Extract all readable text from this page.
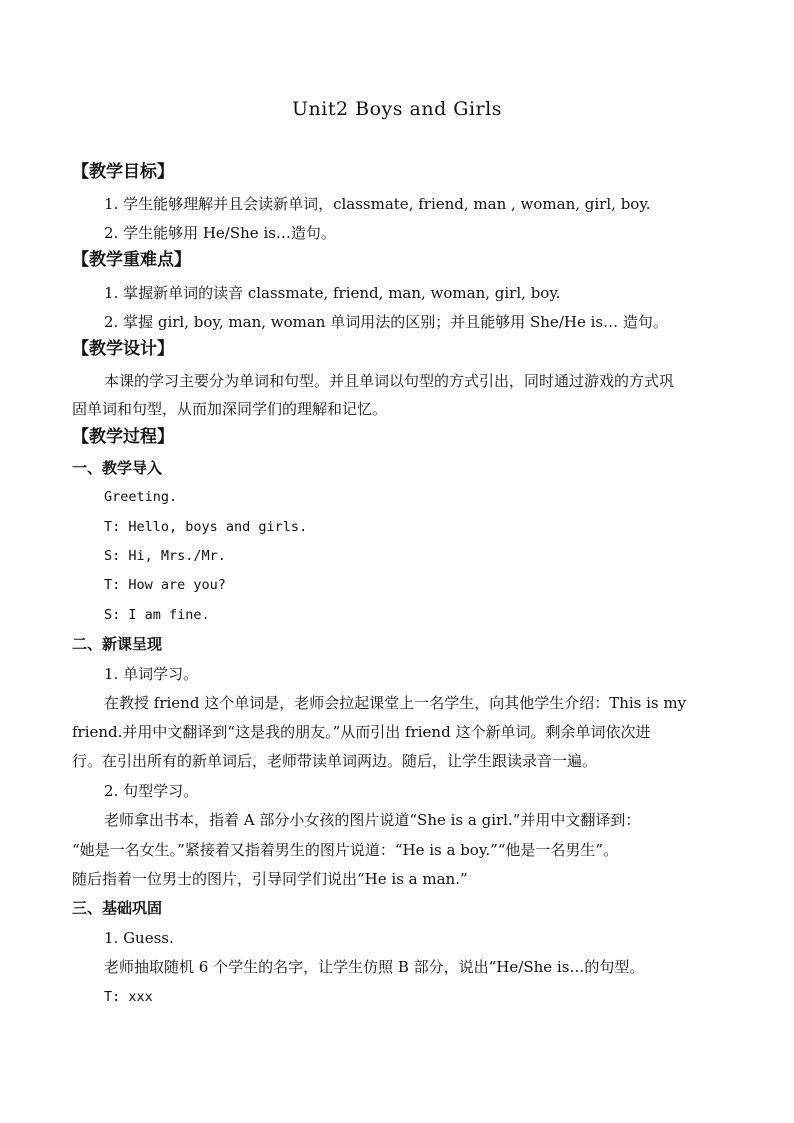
Unit2 Boys and Girls
【教学目标】
1. 学生能够理解并且会读新单词，classmate, friend, man , woman, girl, boy.
2. 学生能够用 He/She is…造句。
【教学重难点】
1. 掌握新单词的读音 classmate, friend, man, woman, girl, boy.
2. 掌握 girl, boy, man, woman 单词用法的区别；并且能够用 She/He is… 造句。
【教学设计】
本课的学习主要分为单词和句型。并且单词以句型的方式引出，同时通过游戏的方式巩
固单词和句型，从而加深同学们的理解和记忆。
【教学过程】
一、教学导入
Greeting.
T: Hello, boys and girls.
S: Hi, Mrs./Mr.
T: How are you?
S: I am fine.
二、新课呈现
1. 单词学习。
在教授 friend 这个单词是，老师会拉起课堂上一名学生，向其他学生介绍：This is my
friend.并用中文翻译到“这是我的朋友。”从而引出 friend 这个新单词。剩余单词依次进
行。在引出所有的新单词后，老师带读单词两边。随后，让学生跟读录音一遍。
2. 句型学习。
老师拿出书本，指着 A 部分小女孩的图片说道“She is a girl.”并用中文翻译到：
“她是一名女生。”紧接着又指着男生的图片说道：“He is a boy.”“他是一名男生”。
随后指着一位男士的图片，引导同学们说出“He is a man.”
三、基础巩固
1. Guess.
老师抽取随机 6 个学生的名字，让学生仿照 B 部分，说出“He/She is…的句型。
T: xxx
